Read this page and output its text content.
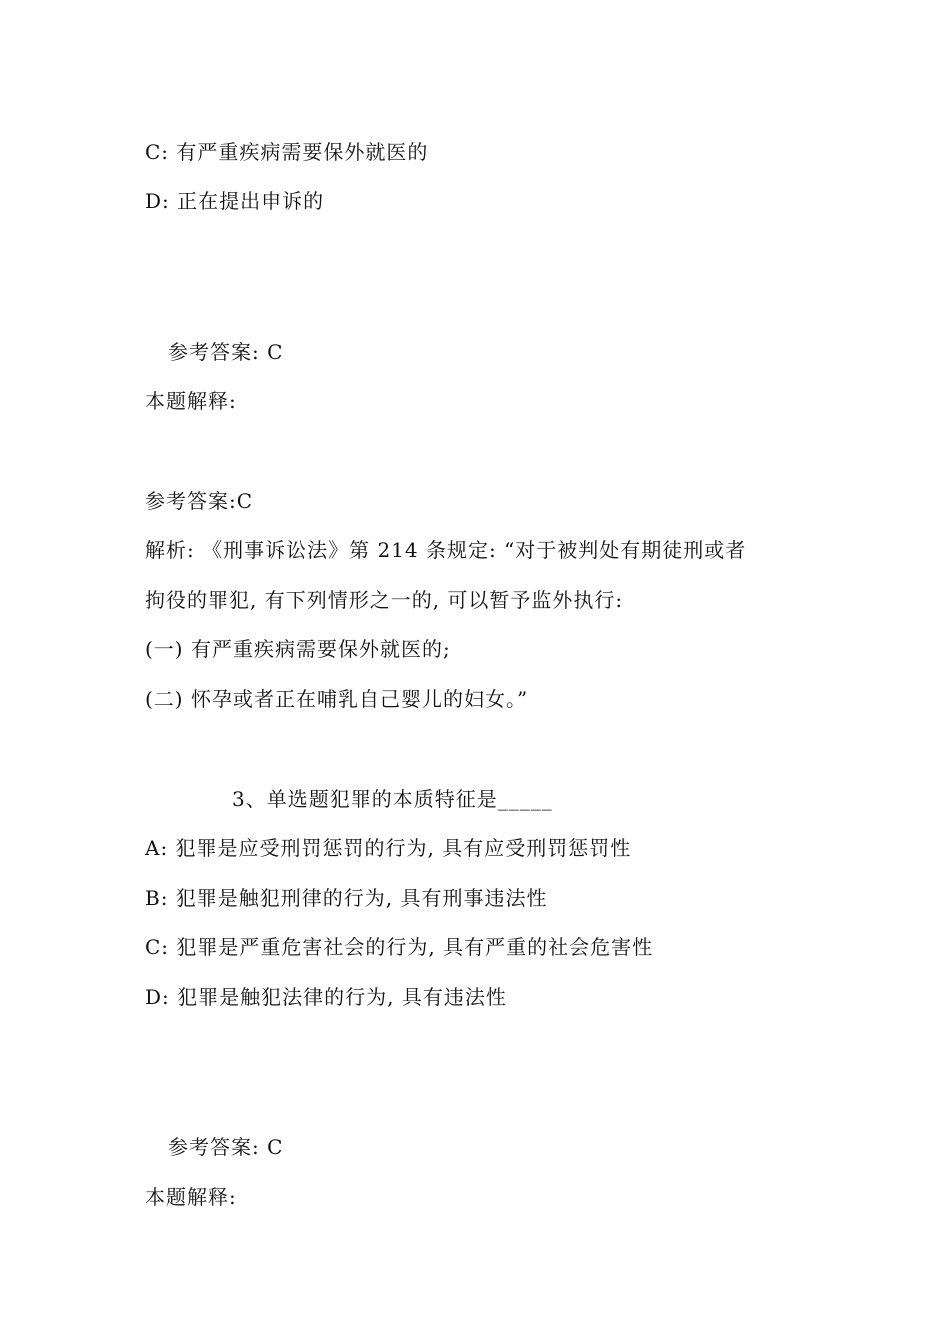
C: 有严重疾病需要保外就医的
D: 正在提出申诉的
参考答案: C
本题解释:
参考答案:C
解析: 《刑事诉讼法》第 214 条规定: “对于被判处有期徒刑或者
拘役的罪犯, 有下列情形之一的, 可以暂予监外执行:
(一) 有严重疾病需要保外就医的;
(二) 怀孕或者正在哺乳自己婴儿的妇女。”
3、单选题犯罪的本质特征是_____
A: 犯罪是应受刑罚惩罚的行为, 具有应受刑罚惩罚性
B: 犯罪是触犯刑律的行为, 具有刑事违法性
C: 犯罪是严重危害社会的行为, 具有严重的社会危害性
D: 犯罪是触犯法律的行为, 具有违法性
参考答案: C
本题解释:
